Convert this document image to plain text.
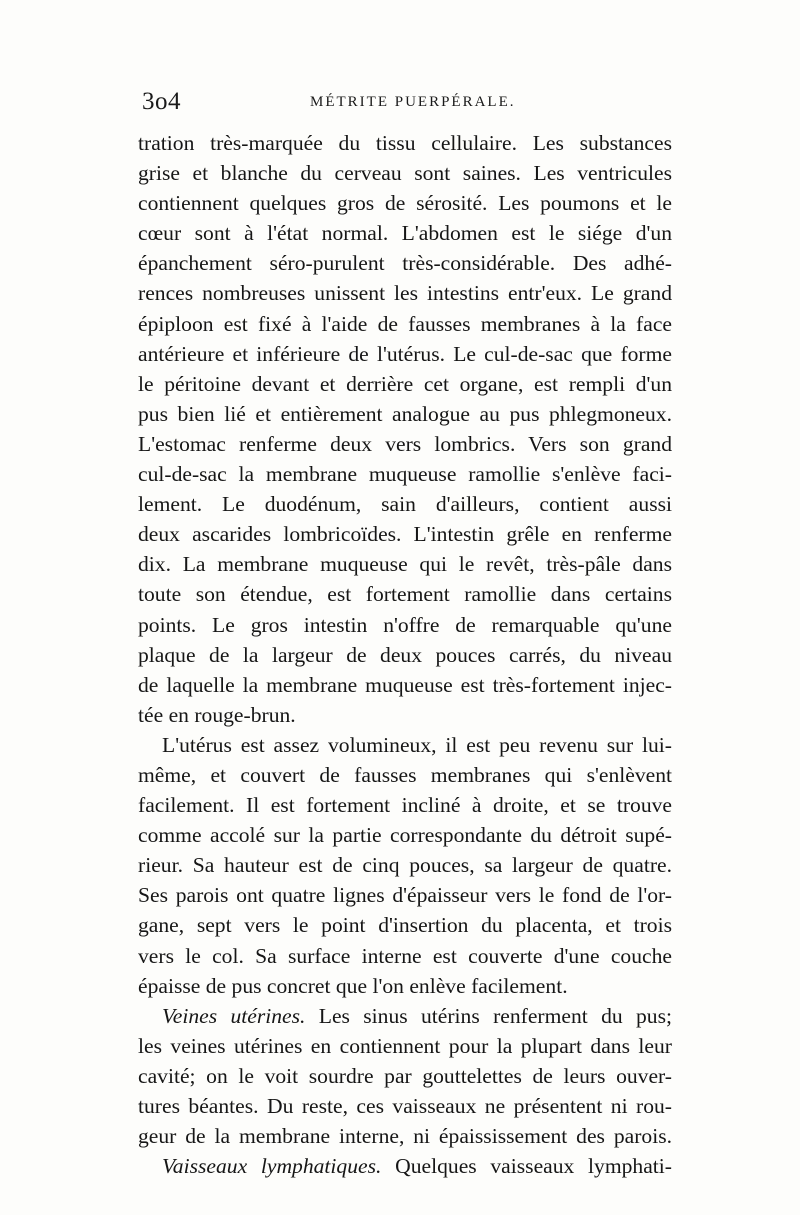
3o4	MÉTRITE PUERPÉRALE.
tration très-marquée du tissu cellulaire. Les substances
grise et blanche du cerveau sont saines. Les ventricules
contiennent quelques gros de sérosité. Les poumons et le
cœur sont à l'état normal. L'abdomen est le siége d'un
épanchement séro-purulent très-considérable. Des adhé-
rences nombreuses unissent les intestins entr'eux. Le grand
épiploon est fixé à l'aide de fausses membranes à la face
antérieure et inférieure de l'utérus. Le cul-de-sac que forme
le péritoine devant et derrière cet organe, est rempli d'un
pus bien lié et entièrement analogue au pus phlegmoneux.
L'estomac renferme deux vers lombrics. Vers son grand
cul-de-sac la membrane muqueuse ramollie s'enlève faci-
lement. Le duodénum, sain d'ailleurs, contient aussi
deux ascarides lombricoïdes. L'intestin grêle en renferme
dix. La membrane muqueuse qui le revêt, très-pâle dans
toute son étendue, est fortement ramollie dans certains
points. Le gros intestin n'offre de remarquable qu'une
plaque de la largeur de deux pouces carrés, du niveau
de laquelle la membrane muqueuse est très-fortement injec-
tée en rouge-brun.
L'utérus est assez volumineux, il est peu revenu sur lui-
même, et couvert de fausses membranes qui s'enlèvent
facilement. Il est fortement incliné à droite, et se trouve
comme accolé sur la partie correspondante du détroit supé-
rieur. Sa hauteur est de cinq pouces, sa largeur de quatre.
Ses parois ont quatre lignes d'épaisseur vers le fond de l'or-
gane, sept vers le point d'insertion du placenta, et trois
vers le col. Sa surface interne est couverte d'une couche
épaisse de pus concret que l'on enlève facilement.
Veines utérines. Les sinus utérins renferment du pus;
les veines utérines en contiennent pour la plupart dans leur
cavité; on le voit sourdre par gouttelettes de leurs ouver-
tures béantes. Du reste, ces vaisseaux ne présentent ni rou-
geur de la membrane interne, ni épaississement des parois.
Vaisseaux lymphatiques. Quelques vaisseaux lymphati-
